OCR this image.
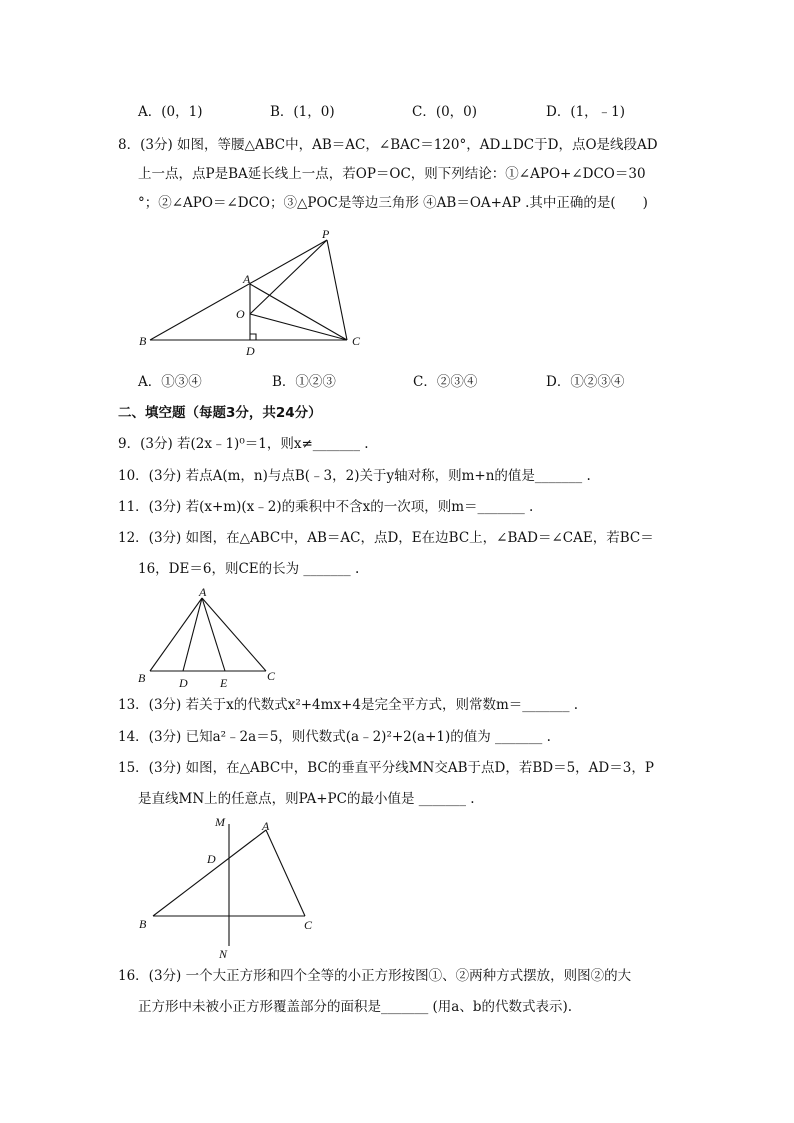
A．(0，1)	B．(1，0)	C．(0，0)	D．(1，﹣1)
8．(3分) 如图，等腰△ABC中，AB＝AC，∠BAC＝120°，AD⊥DC于D，点O是线段AD
上一点，点P是BA延长线上一点，若OP＝OC，则下列结论：①∠APO+∠DCO＝30
°；②∠APO＝∠DCO；③△POC是等边三角形 ④AB＝OA+AP .其中正确的是(　　)
P
A
O
B
D
C
A
B	D	E	C
M	A
D
B	C
N
A．①③④	B．①②③	C．②③④	D．①②③④
二、填空题（每题3分，共24分）
9．(3分) 若(2x﹣1)⁰＝1，则x≠_______ .
10．(3分) 若点A(m，n)与点B(﹣3，2)关于y轴对称，则m+n的值是_______ .
11．(3分) 若(x+m)(x﹣2)的乘积中不含x的一次项，则m＝_______ .
12．(3分) 如图，在△ABC中，AB＝AC，点D，E在边BC上，∠BAD＝∠CAE，若BC＝
16，DE＝6，则CE的长为 _______ .
13．(3分) 若关于x的代数式x²+4mx+4是完全平方式，则常数m＝_______ .
14．(3分) 已知a²﹣2a＝5，则代数式(a﹣2)²+2(a+1)的值为 _______ .
15．(3分) 如图，在△ABC中，BC的垂直平分线MN交AB于点D，若BD＝5，AD＝3，P
是直线MN上的任意点，则PA+PC的最小值是 _______ .
16．(3分) 一个大正方形和四个全等的小正方形按图①、②两种方式摆放，则图②的大
正方形中未被小正方形覆盖部分的面积是_______ (用a、b的代数式表示).
